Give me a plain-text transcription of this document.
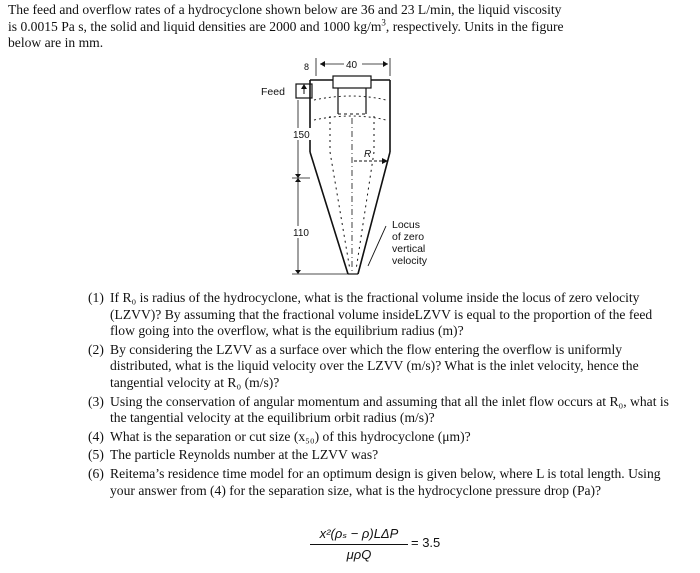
The feed and overflow rates of a hydrocyclone shown below are 36 and 23 L/min, the liquid viscosity
is 0.0015 Pa s, the solid and liquid densities are 2000 and 1000 $kg/m^3$, respectively. Units in the figure
below are in mm.
R
40
8
Feed
150
110
Locus
of zero
vertical
velocity
(1) If R₀ is radius of the hydrocyclone, what is the fractional volume inside the locus of zero velocity (LZVV)? By assuming that the fractional volume insideLZVV is equal to the proportion of the feed flow going into the overflow, what is the equilibrium radius (m)?
(2) By considering the LZVV as a surface over which the flow entering the overflow is uniformly distributed, what is the liquid velocity over the LZVV (m/s)? What is the inlet velocity, hence the tangential velocity at R₀ (m/s)?
(3) Using the conservation of angular momentum and assuming that all the inlet flow occurs at R₀, what is the tangential velocity at the equilibrium orbit radius (m/s)?
(4) What is the separation or cut size (x₅₀) of this hydrocyclone (μm)?
(5) The particle Reynolds number at the LZVV was?
(6) Reitema’s residence time model for an optimum design is given below, where L is total length. Using your answer from (4) for the separation size, what is the hydrocyclone pressure drop (Pa)?
x²(ρₛ − ρ)LΔP
μρQ
= 3.5
